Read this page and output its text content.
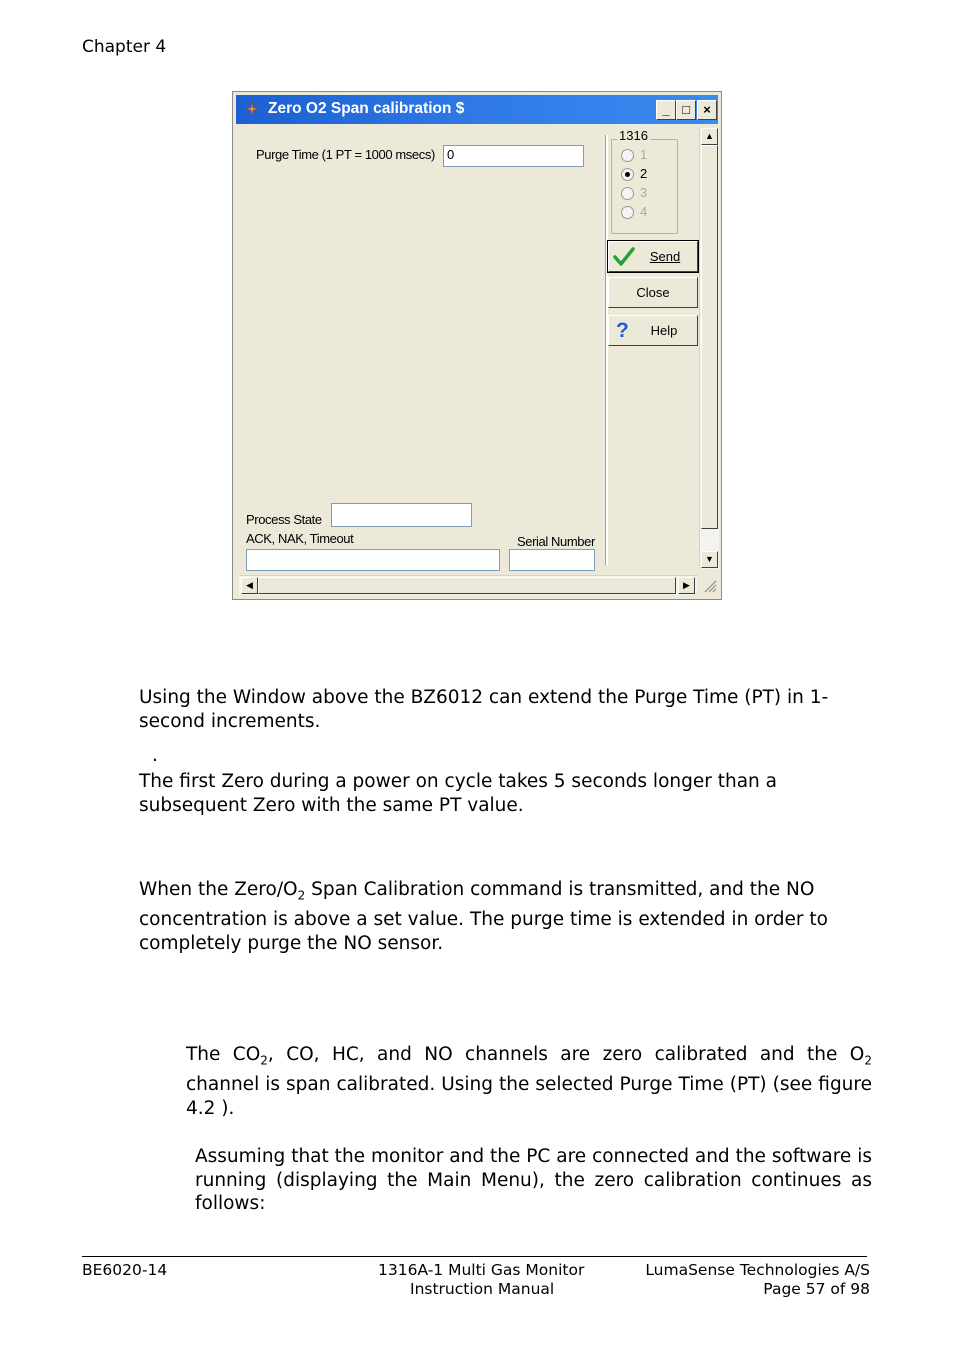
Chapter 4
Zero O2 Span calibration $	_ □	×
Purge Time (1 PT = 1000 msecs) 0
1316
1
2
3
4
Send
Close
? Help
Process State
ACK, NAK, Timeout	Serial Number
▲
▼
◀	▶
Using the Window above the BZ6012 can extend the Purge Time (PT) in 1-second increments.
.
The first Zero during a power on cycle takes 5 seconds longer than a subsequent Zero with the same PT value.
When the Zero/$O_2$ Span Calibration command is transmitted, and the NO concentration is above a set value. The purge time is extended in order to completely purge the NO sensor.
The $CO_2$, CO, HC, and NO channels are zero calibrated and the $O_2$ channel is span calibrated. Using the selected Purge Time (PT) (see figure 4.2 ).
Assuming that the monitor and the PC are connected and the software is running (displaying the Main Menu), the zero calibration continues as follows:
BE6020-14	1316A-1 Multi Gas Monitor
Instruction Manual
LumaSense Technologies A/S
Page 57 of 98
